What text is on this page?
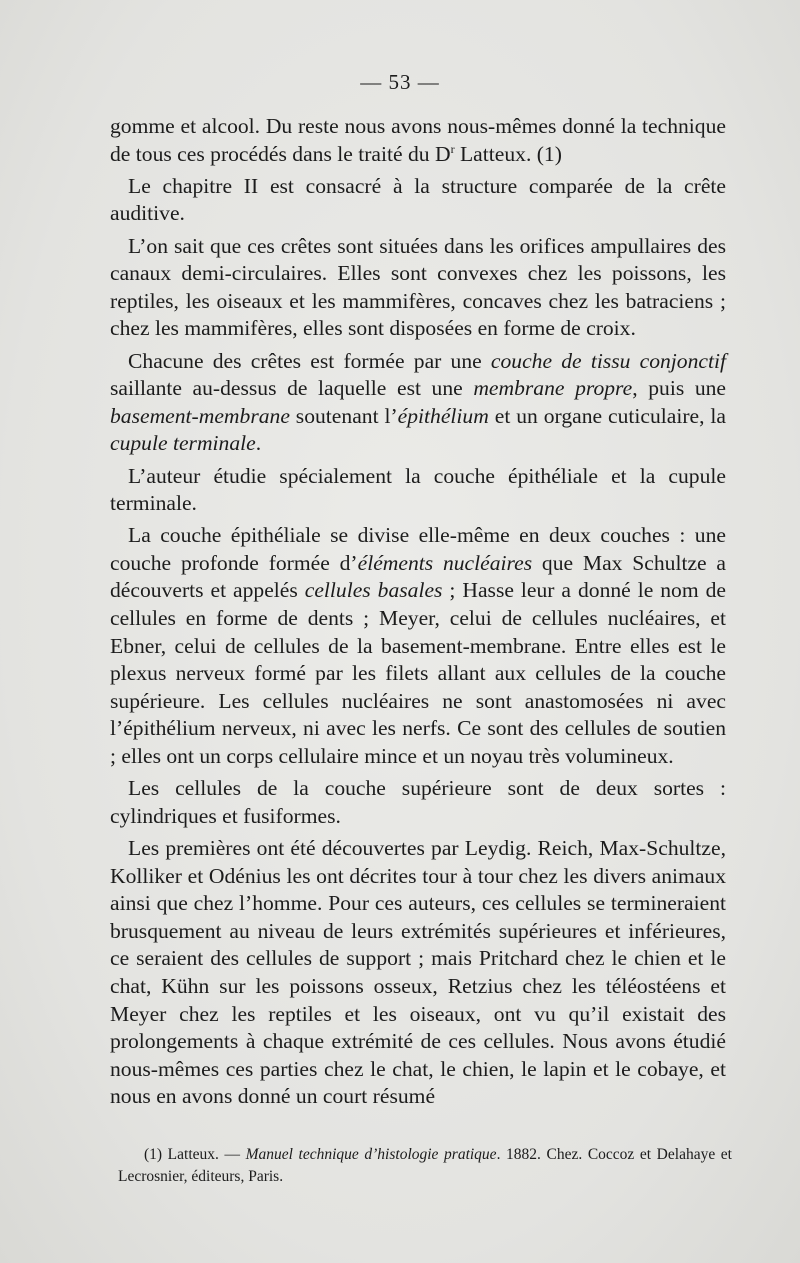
— 53 —

gomme et alcool. Du reste nous avons nous-mêmes donné la technique de tous ces procédés dans le traité du $D^r$ Latteux. (1)

Le chapitre II est consacré à la structure comparée de la crête auditive.

L’on sait que ces crêtes sont situées dans les orifices ampullaires des canaux demi-circulaires. Elles sont convexes chez les poissons, les reptiles, les oiseaux et les mammifères, concaves chez les batraciens ; chez les mammifères, elles sont disposées en forme de croix.

Chacune des crêtes est formée par une couche de tissu conjonctif saillante au-dessus de laquelle est une membrane propre, puis une basement-membrane soutenant l’épithélium et un organe cuticulaire, la cupule terminale.

L’auteur étudie spécialement la couche épithéliale et la cupule terminale.

La couche épithéliale se divise elle-même en deux couches : une couche profonde formée d’éléments nucléaires que Max Schultze a découverts et appelés cellules basales ; Hasse leur a donné le nom de cellules en forme de dents ; Meyer, celui de cellules nucléaires, et Ebner, celui de cellules de la basement-membrane. Entre elles est le plexus nerveux formé par les filets allant aux cellules de la couche supérieure. Les cellules nucléaires ne sont anastomosées ni avec l’épithélium nerveux, ni avec les nerfs. Ce sont des cellules de soutien ; elles ont un corps cellulaire mince et un noyau très volumineux.

Les cellules de la couche supérieure sont de deux sortes : cylindriques et fusiformes.

Les premières ont été découvertes par Leydig. Reich, Max-Schultze, Kolliker et Odénius les ont décrites tour à tour chez les divers animaux ainsi que chez l’homme. Pour ces auteurs, ces cellules se termineraient brusquement au niveau de leurs extrémités supérieures et inférieures, ce seraient des cellules de support ; mais Pritchard chez le chien et le chat, Kühn sur les poissons osseux, Retzius chez les téléostéens et Meyer chez les reptiles et les oiseaux, ont vu qu’il existait des prolongements à chaque extrémité de ces cellules. Nous avons étudié nous-mêmes ces parties chez le chat, le chien, le lapin et le cobaye, et nous en avons donné un court résumé

(1) Latteux. — Manuel technique d’histologie pratique. 1882. Chez. Coccoz et Delahaye et Lecrosnier, éditeurs, Paris.
